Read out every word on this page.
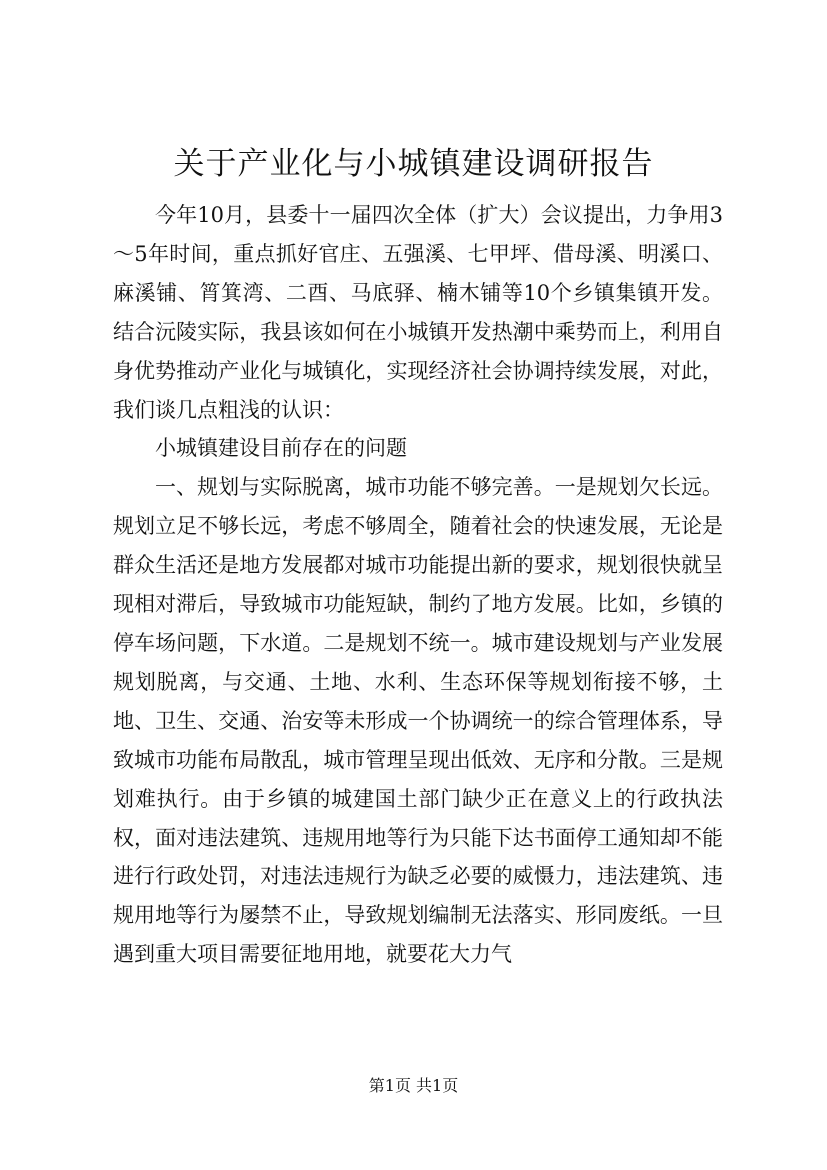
关于产业化与小城镇建设调研报告

今年10月，县委十一届四次全体（扩大）会议提出，力争用3～5年时间，重点抓好官庄、五强溪、七甲坪、借母溪、明溪口、麻溪铺、筲箕湾、二酉、马底驿、楠木铺等10个乡镇集镇开发。结合沅陵实际，我县该如何在小城镇开发热潮中乘势而上，利用自身优势推动产业化与城镇化，实现经济社会协调持续发展，对此，我们谈几点粗浅的认识：

小城镇建设目前存在的问题

一、规划与实际脱离，城市功能不够完善。一是规划欠长远。规划立足不够长远，考虑不够周全，随着社会的快速发展，无论是群众生活还是地方发展都对城市功能提出新的要求，规划很快就呈现相对滞后，导致城市功能短缺，制约了地方发展。比如，乡镇的停车场问题，下水道。二是规划不统一。城市建设规划与产业发展规划脱离，与交通、土地、水利、生态环保等规划衔接不够，土地、卫生、交通、治安等未形成一个协调统一的综合管理体系，导致城市功能布局散乱，城市管理呈现出低效、无序和分散。三是规划难执行。由于乡镇的城建国土部门缺少正在意义上的行政执法权，面对违法建筑、违规用地等行为只能下达书面停工通知却不能进行行政处罚，对违法违规行为缺乏必要的威慑力，违法建筑、违规用地等行为屡禁不止，导致规划编制无法落实、形同废纸。一旦遇到重大项目需要征地用地，就要花大力气

第1页 共1页
